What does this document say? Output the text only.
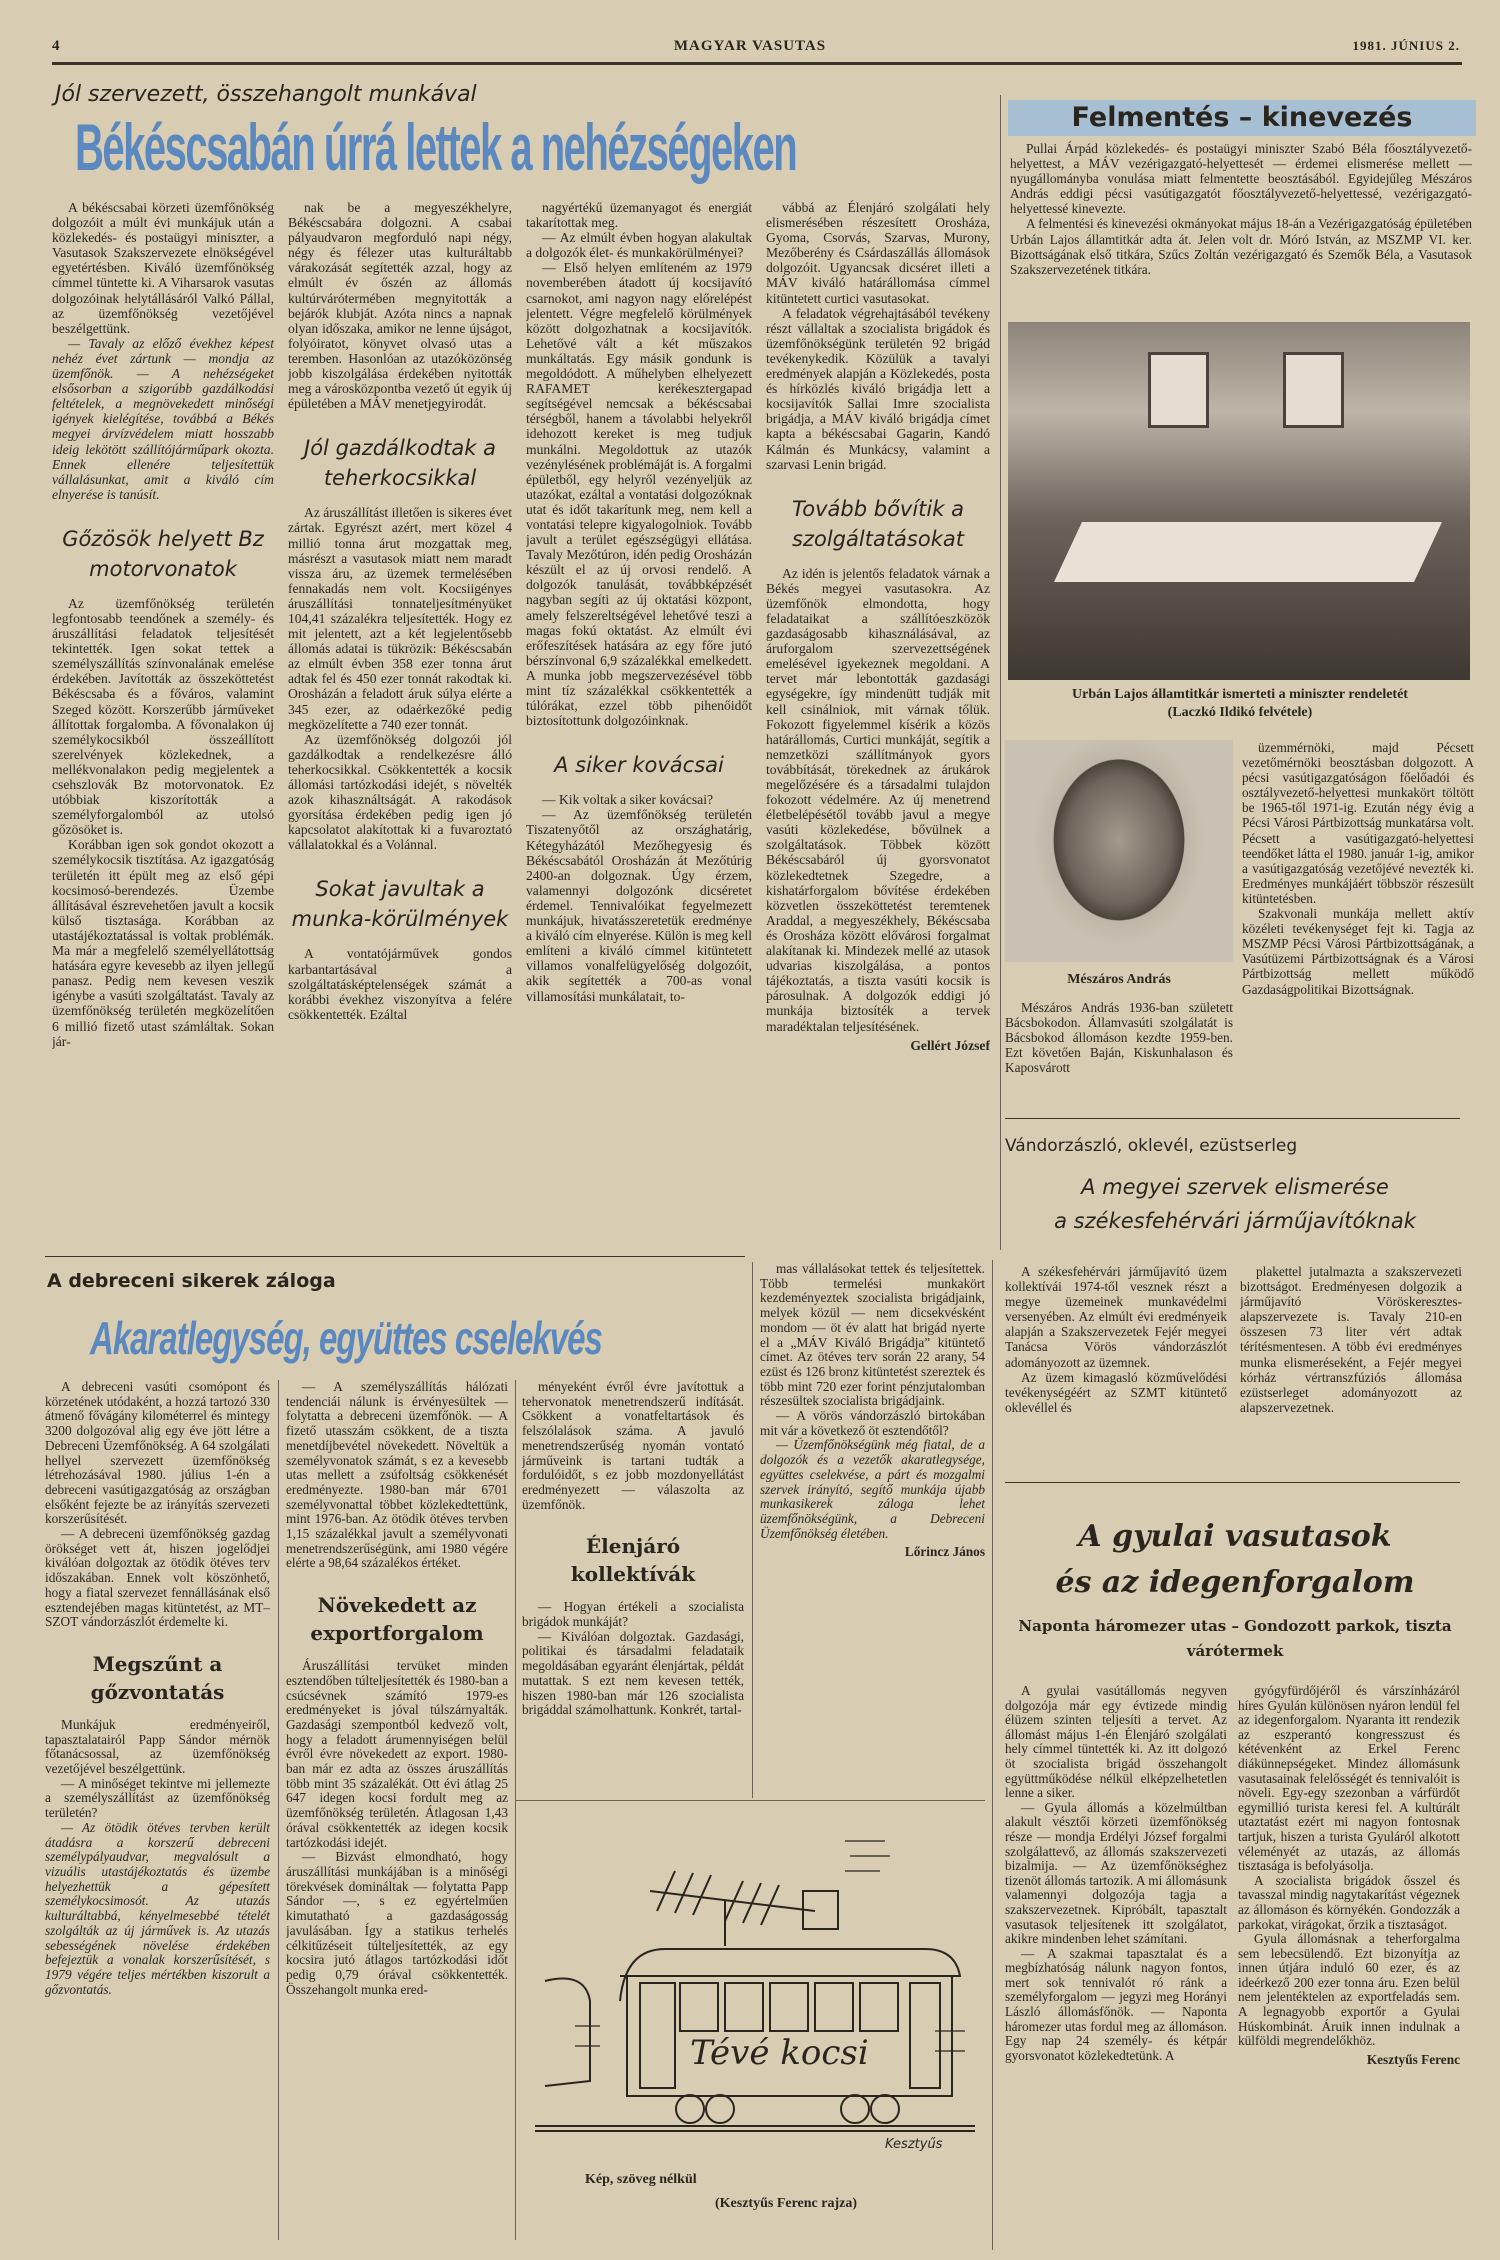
4	MAGYAR VASUTAS	1981. JÚNIUS 2.
Jól szervezett, összehangolt munkával
Békéscsabán úrrá lettek a nehézségeken

A békéscsabai körzeti üzemfőnökség dolgozóit a múlt évi munkájuk után a közlekedés- és postaügyi miniszter, a Vasutasok Szakszervezete elnökségével egyetértésben. Kiváló üzemfőnökség címmel tüntette ki. A Viharsarok vasutas dolgozóinak helytállásáról Valkó Pállal, az üzemfőnökség vezetőjével beszélgettünk.

— Tavaly az előző évekhez képest nehéz évet zártunk — mondja az üzemfőnök. — A nehézségeket elsősorban a szigorúbb gazdálkodási feltételek, a megnövekedett minőségi igények kielégítése, továbbá a Békés megyei árvízvédelem miatt hosszabb ideig lekötött szállítójárműpark okozta. Ennek ellenére teljesítettük vállalásunkat, amit a kiváló cím elnyerése is tanúsít.

Gőzösök helyett Bz motorvonatok

Az üzemfőnökség területén legfontosabb teendőnek a személy- és áruszállítási feladatok teljesítését tekintették. Igen sokat tettek a személyszállítás színvonalának emelése érdekében. Javították az összeköttetést Békéscsaba és a főváros, valamint Szeged között. Korszerűbb járműveket állítottak forgalomba. A fővonalakon új személykocsikból összeállított szerelvények közlekednek, a mellékvonalakon pedig megjelentek a csehszlovák Bz motorvonatok. Ez utóbbiak kiszorították a személyforgalomból az utolsó gőzösöket is.

Korábban igen sok gondot okozott a személykocsik tisztítása. Az igazgatóság területén itt épült meg az első gépi kocsimosó-berendezés. Üzembe állításával észrevehetően javult a kocsik külső tisztasága. Korábban az utastájékoztatással is voltak problémák. Ma már a megfelelő személyellátottság hatására egyre kevesebb az ilyen jellegű panasz. Pedig nem kevesen veszik igénybe a vasúti szolgáltatást. Tavaly az üzemfőnökség területén megközelítően 6 millió fizető utast számláltak. Sokan jár-

nak be a megyeszékhelyre, Békéscsabára dolgozni. A csabai pályaudvaron megforduló napi négy, négy és félezer utas kulturáltabb várakozását segítették azzal, hogy az elmúlt év őszén az állomás kultúrvárótermében megnyitották a bejárók klubját. Azóta nincs a napnak olyan időszaka, amikor ne lenne újságot, folyóiratot, könyvet olvasó utas a teremben. Hasonlóan az utazóközönség jobb kiszolgálása érdekében nyitották meg a városközpontba vezető út egyik új épületében a MÁV menetjegyirodát.

Jól gazdálkodtak a teherkocsikkal

Az áruszállítást illetően is sikeres évet zártak. Egyrészt azért, mert közel 4 millió tonna árut mozgattak meg, másrészt a vasutasok miatt nem maradt vissza áru, az üzemek termelésében fennakadás nem volt. Kocsiigényes áruszállítási tonnateljesítményüket 104,41 százalékra teljesítették. Hogy ez mit jelentett, azt a két legjelentősebb állomás adatai is tükrözik: Békéscsabán az elmúlt évben 358 ezer tonna árut adtak fel és 450 ezer tonnát rakodtak ki. Orosházán a feladott áruk súlya elérte a 345 ezer, az odaérkezőké pedig megközelítette a 740 ezer tonnát.

Az üzemfőnökség dolgozói jól gazdálkodtak a rendelkezésre álló teherkocsikkal. Csökkentették a kocsik állomási tartózkodási idejét, s növelték azok kihasználtságát. A rakodások gyorsítása érdekében pedig igen jó kapcsolatot alakítottak ki a fuvaroztató vállalatokkal és a Volánnal.

Sokat javultak a munka-körülmények

A vontatójárművek gondos karbantartásával a szolgáltatásképtelenségek számát a korábbi évekhez viszonyítva a felére csökkentették. Ezáltal

nagyértékű üzemanyagot és energiát takarítottak meg.

— Az elmúlt évben hogyan alakultak a dolgozók élet- és munkakörülményei?

— Első helyen említeném az 1979 novemberében átadott új kocsijavító csarnokot, ami nagyon nagy előrelépést jelentett. Végre megfelelő körülmények között dolgozhatnak a kocsijavítók. Lehetővé vált a két műszakos munkáltatás. Egy másik gondunk is megoldódott. A műhelyben elhelyezett RAFAMET kerékesztergapad segítségével nemcsak a békéscsabai térségből, hanem a távolabbi helyekről idehozott kereket is meg tudjuk munkálni. Megoldottuk az utazók vezénylésének problémáját is. A forgalmi épületből, egy helyről vezényeljük az utazókat, ezáltal a vontatási dolgozóknak utat és időt takarítunk meg, nem kell a vontatási telepre kigyalogolniok. Tovább javult a terület egészségügyi ellátása. Tavaly Mezőtúron, idén pedig Orosházán készült el az új orvosi rendelő. A dolgozók tanulását, továbbképzését nagyban segíti az új oktatási központ, amely felszereltségével lehetővé teszi a magas fokú oktatást. Az elmúlt évi erőfeszítések hatására az egy főre jutó bérszínvonal 6,9 százalékkal emelkedett. A munka jobb megszervezésével több mint tíz százalékkal csökkentették a túlórákat, ezzel több pihenőidőt biztosítottunk dolgozóinknak.

A siker kovácsai

— Kik voltak a siker kovácsai?

— Az üzemfőnökség területén Tiszatenyőtől az országhatárig, Kétegyházától Mezőhegyesig és Békéscsabától Orosházán át Mezőtúrig 2400-an dolgoznak. Úgy érzem, valamennyi dolgozónk dicséretet érdemel. Tennivalóikat fegyelmezett munkájuk, hivatásszeretetük eredménye a kiváló cím elnyerése. Külön is meg kell említeni a kiváló címmel kitüntetett villamos vonalfelügyelőség dolgozóit, akik segítették a 700-as vonal villamosítási munkálatait, to-

vábbá az Élenjáró szolgálati hely elismerésében részesített Orosháza, Gyoma, Csorvás, Szarvas, Murony, Mezőberény és Csárdaszállás állomások dolgozóit. Ugyancsak dicséret illeti a MÁV kiváló határállomása címmel kitüntetett curtici vasutasokat.

A feladatok végrehajtásából tevékeny részt vállaltak a szocialista brigádok és üzemfőnökségünk területén 92 brigád tevékenykedik. Közülük a tavalyi eredmények alapján a Közlekedés, posta és hírközlés kiváló brigádja lett a kocsijavítók Sallai Imre szocialista brigádja, a MÁV kiváló brigádja címet kapta a békéscsabai Gagarin, Kandó Kálmán és Munkácsy, valamint a szarvasi Lenin brigád.

Tovább bővítik a szolgáltatásokat

Az idén is jelentős feladatok várnak a Békés megyei vasutasokra. Az üzemfőnök elmondotta, hogy feladataikat a szállítóeszközök gazdaságosabb kihasználásával, az áruforgalom szervezettségének emelésével igyekeznek megoldani. A tervet már lebontották gazdasági egységekre, így mindenütt tudják mit kell csinálniok, mit várnak tőlük. Fokozott figyelemmel kísérik a közös határállomás, Curtici munkáját, segítik a nemzetközi szállítmányok gyors továbbítását, törekednek az árukárok megelőzésére és a társadalmi tulajdon fokozott védelmére. Az új menetrend életbelépésétől tovább javul a megye vasúti közlekedése, bővülnek a szolgáltatások. Többek között Békéscsabáról új gyorsvonatot közlekedtetnek Szegedre, a kishatárforgalom bővítése érdekében közvetlen összeköttetést teremtenek Araddal, a megyeszékhely, Békéscsaba és Orosháza között elővárosi forgalmat alakítanak ki. Mindezek mellé az utasok udvarias kiszolgálása, a pontos tájékoztatás, a tiszta vasúti kocsik is párosulnak. A dolgozók eddigi jó munkája biztosíték a tervek maradéktalan teljesítésének.

Gellért József
Felmentés – kinevezés

Pullai Árpád közlekedés- és postaügyi miniszter Szabó Béla főosztályvezető-helyettest, a MÁV vezérigazgató-helyettesét — érdemei elismerése mellett — nyugállományba vonulása miatt felmentette beosztásából. Egyidejűleg Mészáros András eddigi pécsi vasútigazgatót főosztályvezető-helyettessé, vezérigazgató-helyettessé kinevezte.

A felmentési és kinevezési okmányokat május 18-án a Vezérigazgatóság épületében Urbán Lajos államtitkár adta át. Jelen volt dr. Móró István, az MSZMP VI. ker. Bizottságának első titkára, Szűcs Zoltán vezérigazgató és Szemők Béla, a Vasutasok Szakszervezetének titkára.

Urbán Lajos államtitkár ismerteti a miniszter rendeletét
(Laczkó Ildikó felvétele)
Mészáros András

Mészáros András 1936-ban született Bácsbokodon. Államvasúti szolgálatát is Bácsbokod állomáson kezdte 1959-ben. Ezt követően Baján, Kiskunhalason és Kaposvárott

üzemmérnöki, majd Pécsett vezetőmérnöki beosztásban dolgozott. A pécsi vasútigazgatóságon főelőadói és osztályvezető-helyettesi munkakört töltött be 1965-től 1971-ig. Ezután négy évig a Pécsi Városi Pártbizottság munkatársa volt. Pécsett a vasútigazgató-helyettesi teendőket látta el 1980. január 1-ig, amikor a vasútigazgatóság vezetőjévé nevezték ki. Eredményes munkájáért többször részesült kitüntetésben.

Szakvonali munkája mellett aktív közéleti tevékenységet fejt ki. Tagja az MSZMP Pécsi Városi Pártbizottságának, a Vasútüzemi Pártbizottságnak és a Városi Pártbizottság mellett működő Gazdaságpolitikai Bizottságnak.

Vándorzászló, oklevél, ezüstserleg
A megyei szervek elismerése
a székesfehérvári járműjavítóknak

A székesfehérvári járműjavító üzem kollektívái 1974-től vesznek részt a megye üzemeinek munkavédelmi versenyében. Az elmúlt évi eredményeik alapján a Szakszervezetek Fejér megyei Tanácsa Vörös vándorzászlót adományozott az üzemnek.

Az üzem kimagasló közművelődési tevékenységéért az SZMT kitüntető oklevéllel és

plakettel jutalmazta a szakszervezeti bizottságot. Eredményesen dolgozik a járműjavító Vöröskeresztes-alapszervezete is. Tavaly 210-en összesen 73 liter vért adtak térítésmentesen. A több évi eredményes munka elismeréseként, a Fejér megyei kórház vértranszfúziós állomása ezüstserleget adományozott az alapszervezetnek.

A gyulai vasutasok
és az idegenforgalom
Naponta háromezer utas – Gondozott parkok, tiszta várótermek

A gyulai vasútállomás negyven dolgozója már egy évtizede mindig élüzem szinten teljesíti a tervet. Az állomást május 1-én Élenjáró szolgálati hely címmel tüntették ki. Az itt dolgozó öt szocialista brigád összehangolt együttműködése nélkül elképzelhetetlen lenne a siker.

— Gyula állomás a közelmúltban alakult vésztői körzeti üzemfőnökség része — mondja Erdélyi József forgalmi szolgálattevő, az állomás szakszervezeti bizalmija. — Az üzemfőnökséghez tizenöt állomás tartozik. A mi állomásunk valamennyi dolgozója tagja a szakszervezetnek. Kipróbált, tapasztalt vasutasok teljesítenek itt szolgálatot, akikre mindenben lehet számítani.

— A szakmai tapasztalat és a megbízhatóság nálunk nagyon fontos, mert sok tennivalót ró ránk a személyforgalom — jegyzi meg Horányi László állomásfőnök. — Naponta háromezer utas fordul meg az állomáson. Egy nap 24 személy- és kétpár gyorsvonatot közlekedtetünk. A

gyógyfürdőjéről és várszínházáról híres Gyulán különösen nyáron lendül fel az idegenforgalom. Nyaranta itt rendezik az eszperantó kongresszust és kétévenként az Erkel Ferenc diákünnepségeket. Mindez állomásunk vasutasainak felelősségét és tennivalóit is növeli. Egy-egy szezonban a várfürdőt egymillió turista keresi fel. A kultúrált utaztatást ezért mi nagyon fontosnak tartjuk, hiszen a turista Gyuláról alkotott véleményét az utazás, az állomás tisztasága is befolyásolja.

A szocialista brigádok ősszel és tavasszal mindig nagytakarítást végeznek az állomáson és környékén. Gondozzák a parkokat, virágokat, őrzik a tisztaságot.

Gyula állomásnak a teherforgalma sem lebecsülendő. Ezt bizonyítja az innen útjára induló 60 ezer, és az ideérkező 200 ezer tonna áru. Ezen belül nem jelentéktelen az exportfeladás sem. A legnagyobb exportőr a Gyulai Húskombinát. Áruik innen indulnak a külföldi megrendelőkhöz.

Kesztyűs Ferenc
A debreceni sikerek záloga
Akaratlegység, együttes cselekvés

A debreceni vasúti csomópont és körzetének utódaként, a hozzá tartozó 330 átmenő fővágány kilométerrel és mintegy 3200 dolgozóval alig egy éve jött létre a Debreceni Üzemfőnökség. A 64 szolgálati hellyel szervezett üzemfőnökség létrehozásával 1980. július 1-én a debreceni vasútigazgatóság az országban elsőként fejezte be az irányítás szervezeti korszerűsítését.

— A debreceni üzemfőnökség gazdag örökséget vett át, hiszen jogelődjei kiválóan dolgoztak az ötödik ötéves terv időszakában. Ennek volt köszönhető, hogy a fiatal szervezet fennállásának első esztendejében magas kitüntetést, az MT–SZOT vándorzászlót érdemelte ki.

Megszűnt a gőzvontatás

Munkájuk eredményeiről, tapasztalatairól Papp Sándor mérnök főtanácsossal, az üzemfőnökség vezetőjével beszélgettünk.

— A minőséget tekintve mi jellemezte a személyszállítást az üzemfőnökség területén?

— Az ötödik ötéves tervben került átadásra a korszerű debreceni személypályaudvar, megvalósult a vizuális utastájékoztatás és üzembe helyezhettük a gépesített személykocsimosót. Az utazás kulturáltabbá, kényelmesebbé tételét szolgálták az új járművek is. Az utazás sebességének növelése érdekében befejeztük a vonalak korszerűsítését, s 1979 végére teljes mértékben kiszorult a gőzvontatás.

— A személyszállítás hálózati tendenciái nálunk is érvényesültek — folytatta a debreceni üzemfőnök. — A fizető utasszám csökkent, de a tiszta menetdíjbevétel növekedett. Növeltük a személyvonatok számát, s ez a kevesebb utas mellett a zsúfoltság csökkenését eredményezte. 1980-ban már 6701 személyvonattal többet közlekedtettünk, mint 1976-ban. Az ötödik ötéves tervben 1,15 százalékkal javult a személyvonati menetrendszerűségünk, ami 1980 végére elérte a 98,64 százalékos értéket.

Növekedett az exportforgalom

Áruszállítási tervüket minden esztendőben túlteljesítették és 1980-ban a csúcsévnek számító 1979-es eredményeket is jóval túlszárnyalták. Gazdasági szempontból kedvező volt, hogy a feladott árumennyiségen belül évről évre növekedett az export. 1980-ban már ez adta az összes áruszállítás több mint 35 százalékát. Ott évi átlag 25 647 idegen kocsi fordult meg az üzemfőnökség területén. Átlagosan 1,43 órával csökkentették az idegen kocsik tartózkodási idejét.

— Bizvást elmondható, hogy áruszállítási munkájában is a minőségi törekvések domináltak — folytatta Papp Sándor —, s ez egyértelműen kimutatható a gazdaságosság javulásában. Így a statikus terhelés célkitűzéseit túlteljesítették, az egy kocsira jutó átlagos tartózkodási időt pedig 0,79 órával csökkentették. Összehangolt munka ered-

ményeként évről évre javítottuk a tehervonatok menetrendszerű indítását. Csökkent a vonatfeltartások és felszólalások száma. A javuló menetrendszerűség nyomán vontató járműveink is tartani tudták a fordulóidőt, s ez jobb mozdonyellátást eredményezett — válaszolta az üzemfőnök.

Élenjáró kollektívák

— Hogyan értékeli a szocialista brigádok munkáját?

— Kiválóan dolgoztak. Gazdasági, politikai és társadalmi feladataik megoldásában egyaránt élenjártak, példát mutattak. S ezt nem kevesen tették, hiszen 1980-ban már 126 szocialista brigáddal számolhattunk. Konkrét, tartal-

mas vállalásokat tettek és teljesítettek. Több termelési munkakört kezdeményeztek szocialista brigádjaink, melyek közül — nem dicsekvésként mondom — öt év alatt hat brigád nyerte el a „MÁV Kiváló Brigádja” kitüntető címet. Az ötéves terv során 22 arany, 54 ezüst és 126 bronz kitüntetést szereztek és több mint 720 ezer forint pénzjutalomban részesültek szocialista brigádjaink.

— A vörös vándorzászló birtokában mit vár a következő öt esztendőtől?

— Üzemfőnökségünk még fiatal, de a dolgozók és a vezetők akaratlegysége, együttes cselekvése, a párt és mozgalmi szervek irányító, segítő munkája újabb munkasikerek záloga lehet üzemfőnökségünk, a Debreceni Üzemfőnökség életében.

Lőrincz János
Tévé kocsi
Kesztyűs
Kép, szöveg nélkül
(Kesztyűs Ferenc rajza)
